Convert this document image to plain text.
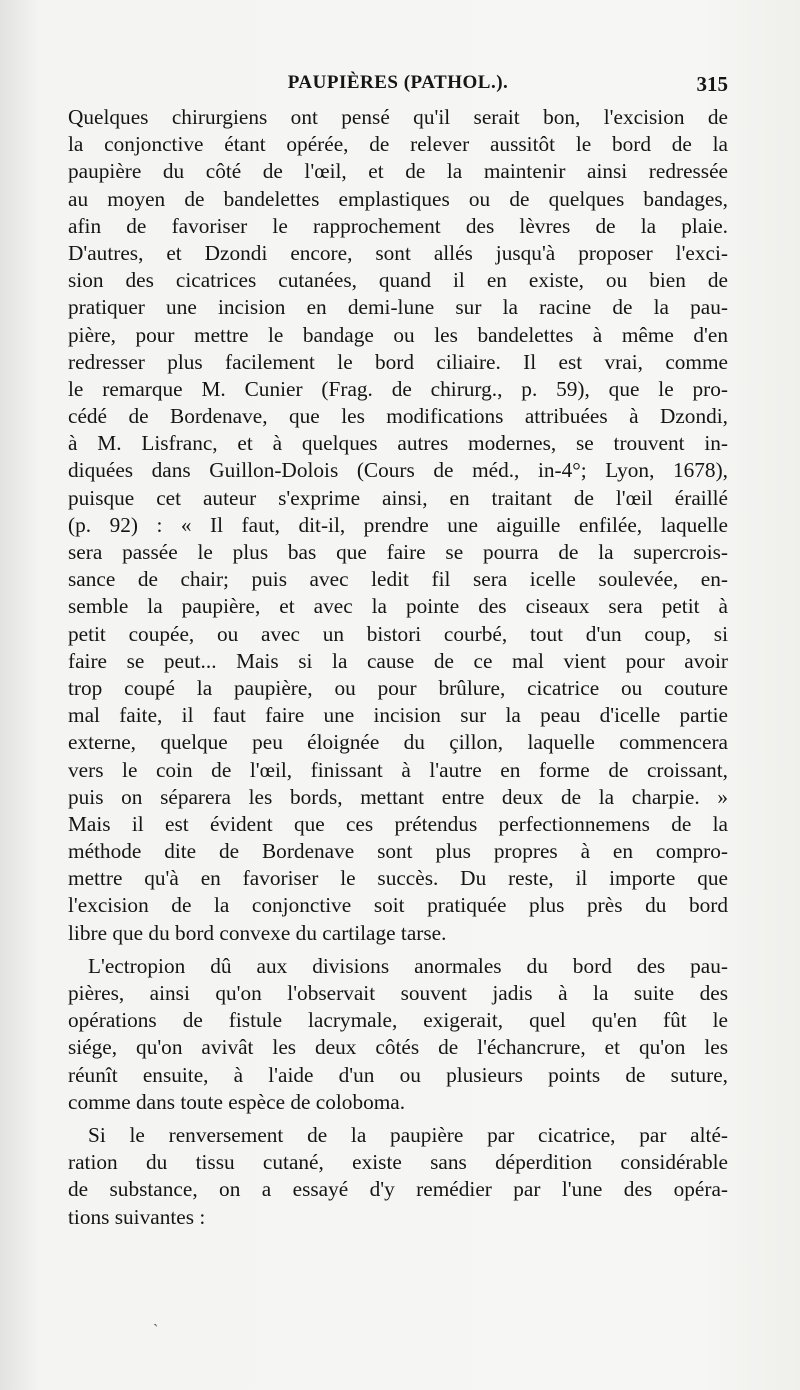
PAUPIÈRES (PATHOL.).	315
Quelques chirurgiens ont pensé qu'il serait bon, l'excision de
la conjonctive étant opérée, de relever aussitôt le bord de la
paupière du côté de l'œil, et de la maintenir ainsi redressée
au moyen de bandelettes emplastiques ou de quelques bandages,
afin de favoriser le rapprochement des lèvres de la plaie.
D'autres, et Dzondi encore, sont allés jusqu'à proposer l'exci-
sion des cicatrices cutanées, quand il en existe, ou bien de
pratiquer une incision en demi-lune sur la racine de la pau-
pière, pour mettre le bandage ou les bandelettes à même d'en
redresser plus facilement le bord ciliaire. Il est vrai, comme
le remarque M. Cunier (Frag. de chirurg., p. 59), que le pro-
cédé de Bordenave, que les modifications attribuées à Dzondi,
à M. Lisfranc, et à quelques autres modernes, se trouvent in-
diquées dans Guillon-Dolois (Cours de méd., in-4°; Lyon, 1678),
puisque cet auteur s'exprime ainsi, en traitant de l'œil éraillé
(p. 92) : « Il faut, dit-il, prendre une aiguille enfilée, laquelle
sera passée le plus bas que faire se pourra de la supercrois-
sance de chair; puis avec ledit fil sera icelle soulevée, en-
semble la paupière, et avec la pointe des ciseaux sera petit à
petit coupée, ou avec un bistori courbé, tout d'un coup, si
faire se peut... Mais si la cause de ce mal vient pour avoir
trop coupé la paupière, ou pour brûlure, cicatrice ou couture
mal faite, il faut faire une incision sur la peau d'icelle partie
externe, quelque peu éloignée du çillon, laquelle commencera
vers le coin de l'œil, finissant à l'autre en forme de croissant,
puis on séparera les bords, mettant entre deux de la charpie. »
Mais il est évident que ces prétendus perfectionnemens de la
méthode dite de Bordenave sont plus propres à en compro-
mettre qu'à en favoriser le succès. Du reste, il importe que
l'excision de la conjonctive soit pratiquée plus près du bord
libre que du bord convexe du cartilage tarse.
L'ectropion dû aux divisions anormales du bord des pau-
pières, ainsi qu'on l'observait souvent jadis à la suite des
opérations de fistule lacrymale, exigerait, quel qu'en fût le
siége, qu'on avivât les deux côtés de l'échancrure, et qu'on les
réunît ensuite, à l'aide d'un ou plusieurs points de suture,
comme dans toute espèce de coloboma.
Si le renversement de la paupière par cicatrice, par alté-
ration du tissu cutané, existe sans déperdition considérable
de substance, on a essayé d'y remédier par l'une des opéra-
tions suivantes :
`
